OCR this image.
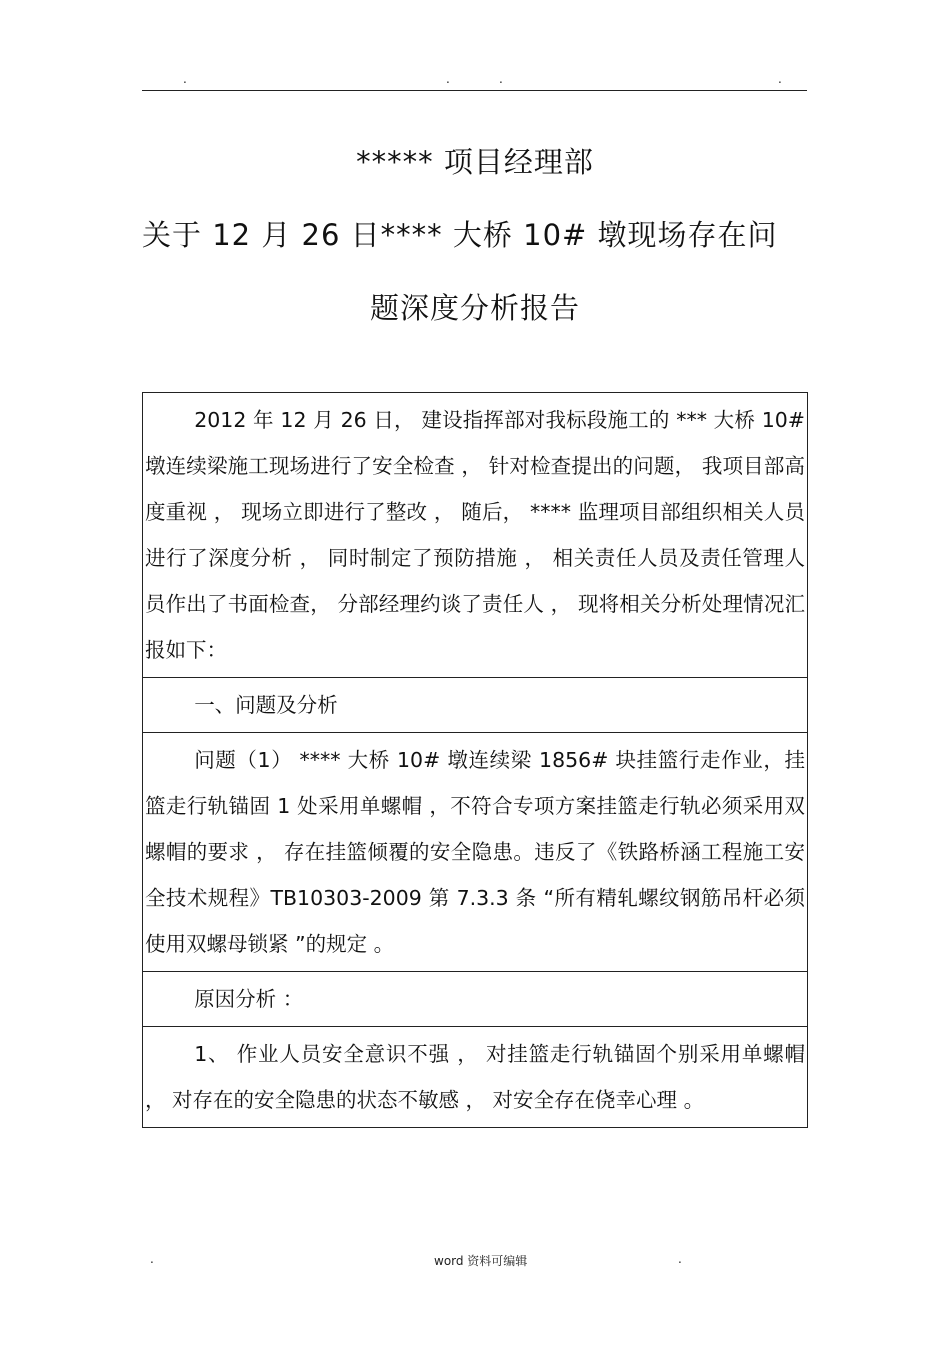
.	.	.	.
***** 项目经理部
关于 12 月 26 日**** 大桥 10# 墩现场存在问
题深度分析报告

2012 年 12 月 26 日， 建设指挥部对我标段施工的 *** 大桥 10# 墩连续梁施工现场进行了安全检查 ， 针对检查提出的问题， 我项目部高度重视 ， 现场立即进行了整改 ， 随后， **** 监理项目部组织相关人员进行了深度分析 ， 同时制定了预防措施 ， 相关责任人员及责任管理人员作出了书面检查， 分部经理约谈了责任人 ， 现将相关分析处理情况汇报如下：

一、问题及分析

问题（1） **** 大桥 10# 墩连续梁 1856# 块挂篮行走作业，挂篮走行轨锚固 1 处采用单螺帽 ，不符合专项方案挂篮走行轨必须采用双螺帽的要求 ， 存在挂篮倾覆的安全隐患。违反了《铁路桥涵工程施工安全技术规程》TB10303-2009 第 7.3.3 条 “所有精轧螺纹钢筋吊杆必须使用双螺母锁紧 ”的规定 。

原因分析 ：

1、 作业人员安全意识不强 ， 对挂篮走行轨锚固个别采用单螺帽 ， 对存在的安全隐患的状态不敏感 ， 对安全存在侥幸心理 。

.	word 资料可编辑	.
